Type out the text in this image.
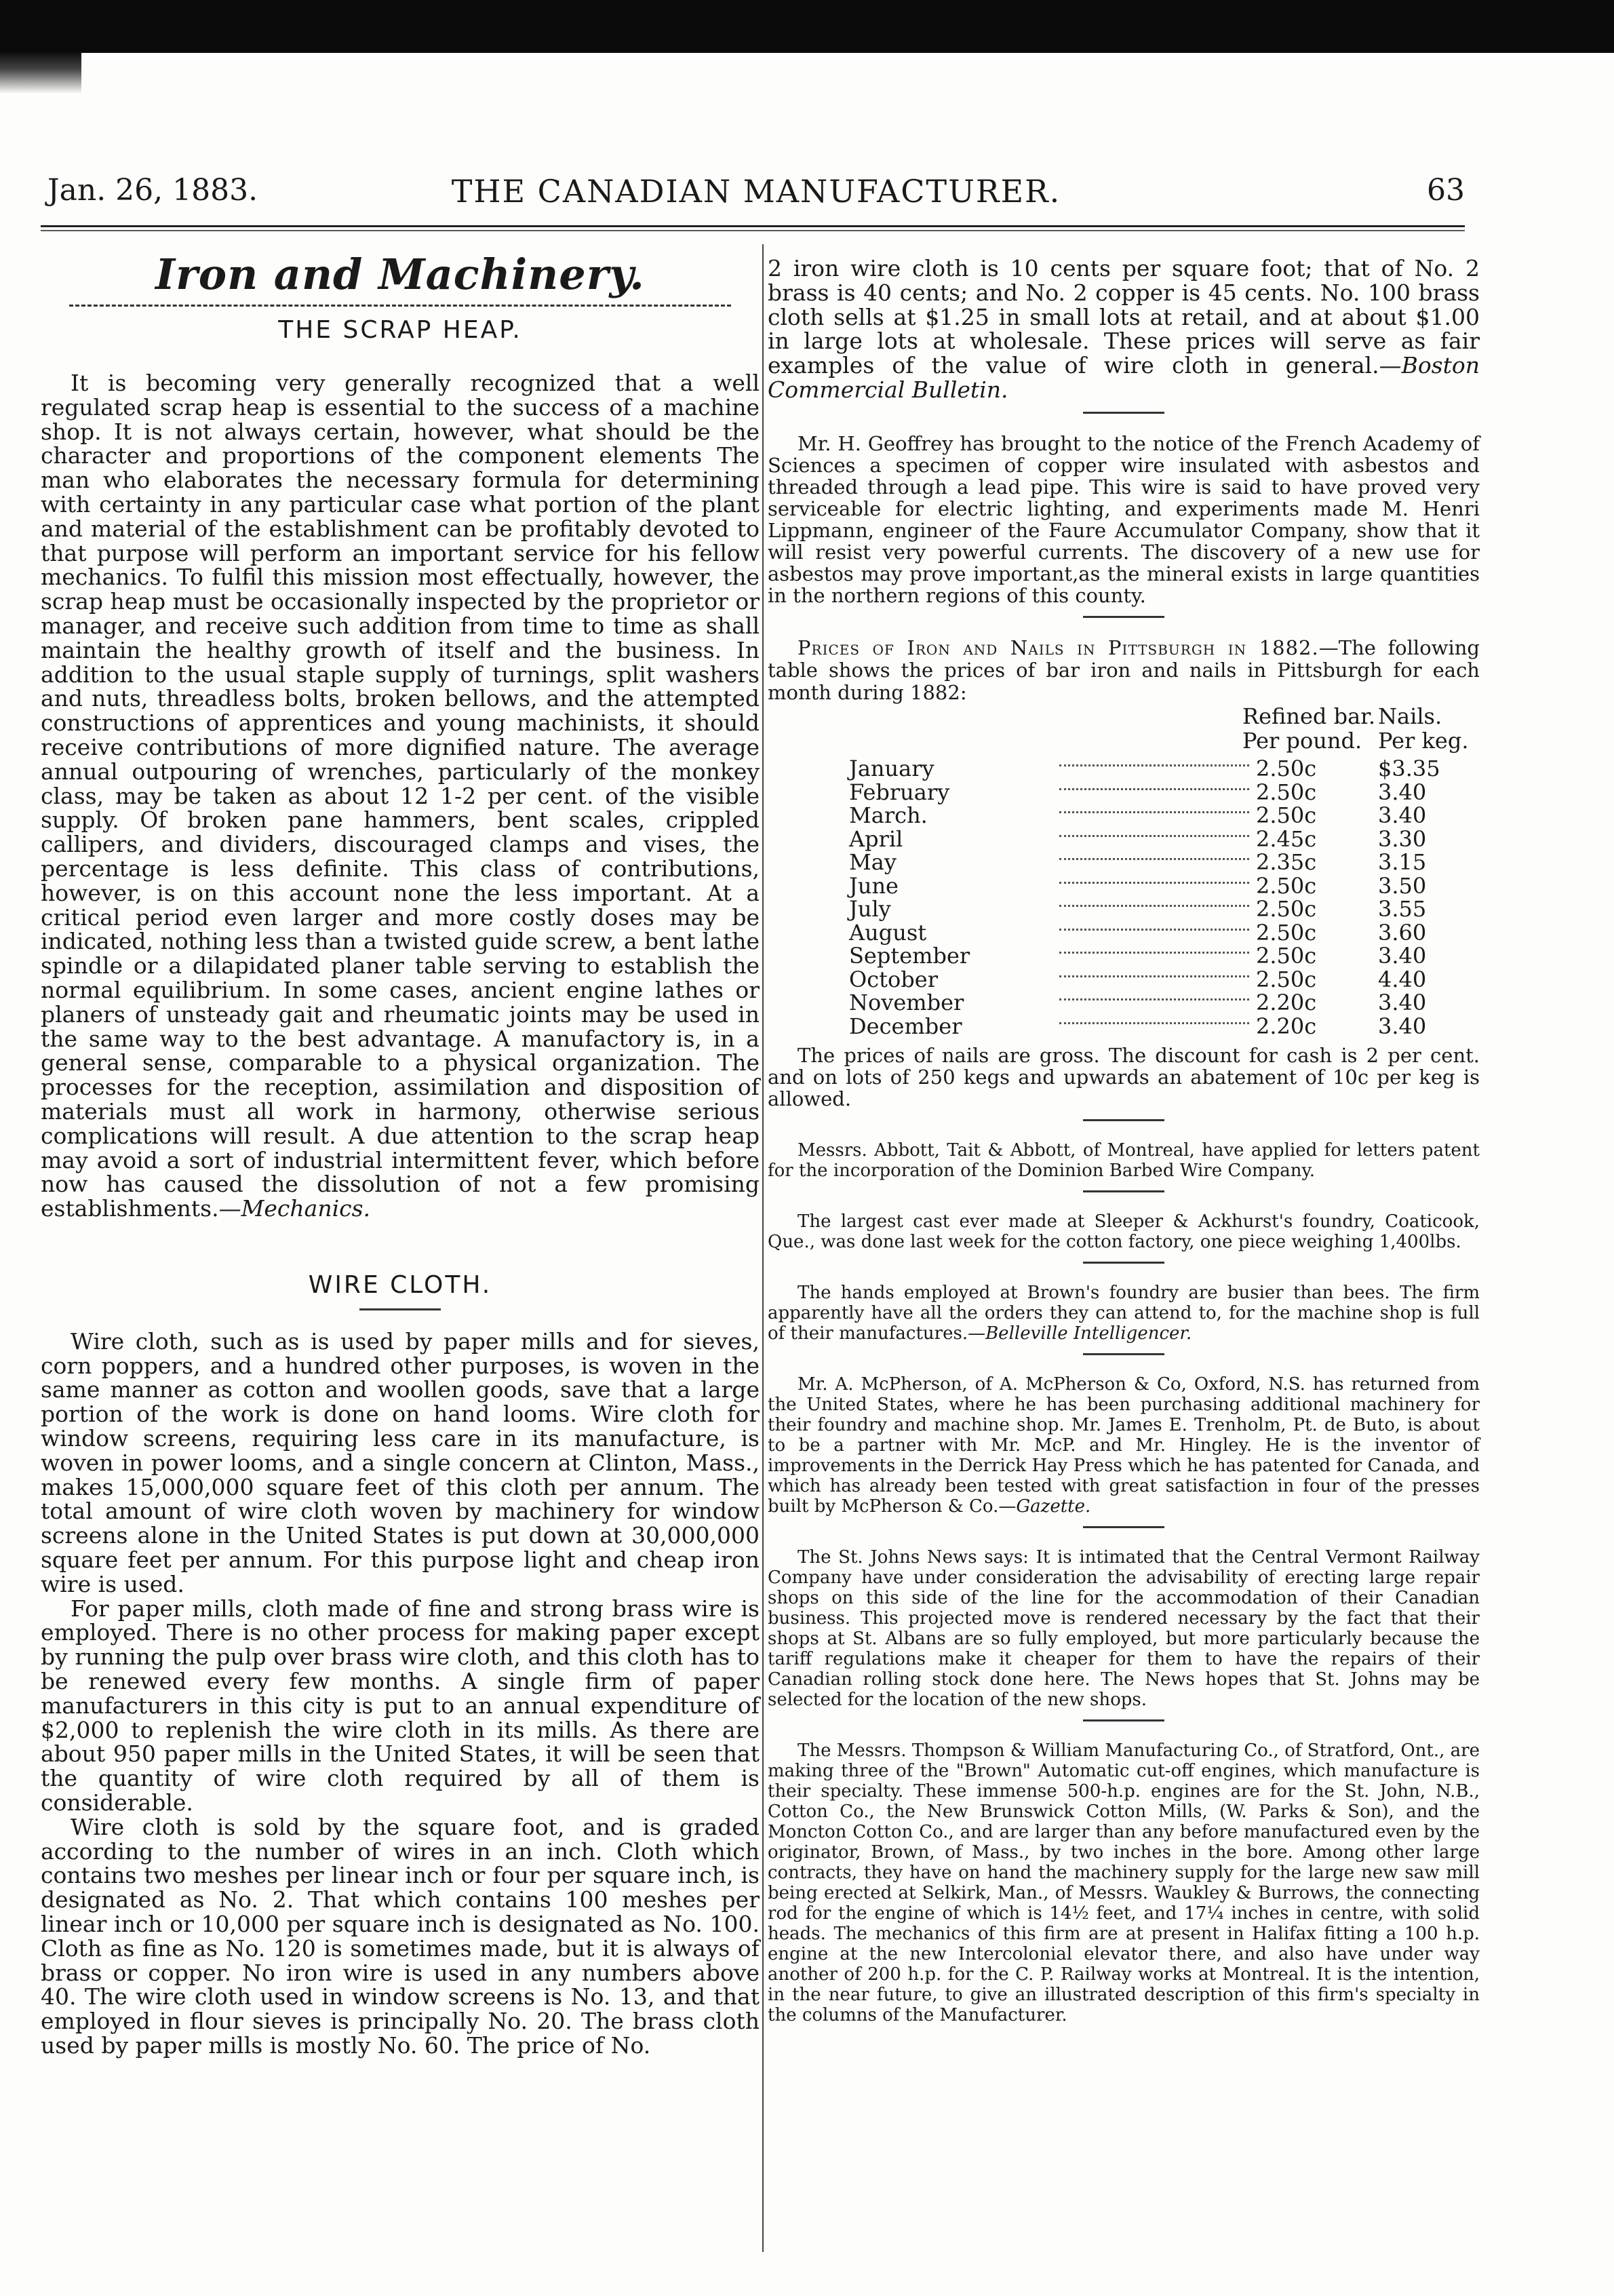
Jan. 26, 1883.	THE CANADIAN MANUFACTURER.	63
Iron and Machinery.
THE SCRAP HEAP.

It is becoming very generally recognized that a well regulated scrap heap is essential to the success of a machine shop. It is not always certain, however, what should be the character and proportions of the component elements The man who elaborates the necessary formula for determining with certainty in any particular case what portion of the plant and material of the establishment can be profitably devoted to that purpose will perform an important service for his fellow mechanics. To fulfil this mission most effectually, however, the scrap heap must be occasionally inspected by the proprietor or manager, and receive such addition from time to time as shall maintain the healthy growth of itself and the business. In addition to the usual staple supply of turnings, split washers and nuts, threadless bolts, broken bellows, and the attempted constructions of apprentices and young machinists, it should receive contributions of more dignified nature. The average annual outpouring of wrenches, particularly of the monkey class, may be taken as about 12 1-2 per cent. of the visible supply. Of broken pane hammers, bent scales, crippled callipers, and dividers, discouraged clamps and vises, the percentage is less definite. This class of contributions, however, is on this account none the less important. At a critical period even larger and more costly doses may be indicated, nothing less than a twisted guide screw, a bent lathe spindle or a dilapidated planer table serving to establish the normal equilibrium. In some cases, ancient engine lathes or planers of unsteady gait and rheumatic joints may be used in the same way to the best advantage. A manufactory is, in a general sense, comparable to a physical organization. The processes for the reception, assimilation and disposition of materials must all work in harmony, otherwise serious complications will result. A due attention to the scrap heap may avoid a sort of industrial intermittent fever, which before now has caused the dissolution of not a few promising establishments.—Mechanics.

WIRE CLOTH.

Wire cloth, such as is used by paper mills and for sieves, corn poppers, and a hundred other purposes, is woven in the same manner as cotton and woollen goods, save that a large portion of the work is done on hand looms. Wire cloth for window screens, requiring less care in its manufacture, is woven in power looms, and a single concern at Clinton, Mass., makes 15,000,000 square feet of this cloth per annum. The total amount of wire cloth woven by machinery for window screens alone in the United States is put down at 30,000,000 square feet per annum. For this purpose light and cheap iron wire is used.

For paper mills, cloth made of fine and strong brass wire is employed. There is no other process for making paper except by running the pulp over brass wire cloth, and this cloth has to be renewed every few months. A single firm of paper manufacturers in this city is put to an annual expenditure of $2,000 to replenish the wire cloth in its mills. As there are about 950 paper mills in the United States, it will be seen that the quantity of wire cloth required by all of them is considerable.

Wire cloth is sold by the square foot, and is graded according to the number of wires in an inch. Cloth which contains two meshes per linear inch or four per square inch, is designated as No. 2. That which contains 100 meshes per linear inch or 10,000 per square inch is designated as No. 100. Cloth as fine as No. 120 is sometimes made, but it is always of brass or copper. No iron wire is used in any numbers above 40. The wire cloth used in window screens is No. 13, and that employed in flour sieves is principally No. 20. The brass cloth used by paper mills is mostly No. 60. The price of No.

2 iron wire cloth is 10 cents per square foot; that of No. 2 brass is 40 cents; and No. 2 copper is 45 cents. No. 100 brass cloth sells at $1.25 in small lots at retail, and at about $1.00 in large lots at wholesale. These prices will serve as fair examples of the value of wire cloth in general.—Boston Commercial Bulletin.

Mr. H. Geoffrey has brought to the notice of the French Academy of Sciences a specimen of copper wire insulated with asbestos and threaded through a lead pipe. This wire is said to have proved very serviceable for electric lighting, and experiments made M. Henri Lippmann, engineer of the Faure Accumulator Company, show that it will resist very powerful currents. The discovery of a new use for asbestos may prove important,as the mineral exists in large quantities in the northern regions of this county.

Prices of Iron and Nails in Pittsburgh in 1882.—The following table shows the prices of bar iron and nails in Pittsburgh for each month during 1882:

Refined bar. Nails.
Per pound. Per keg.
January	2.50c	$3.35
February	2.50c	3.40
March.	2.50c	3.40
April	2.45c	3.30
May	2.35c	3.15
June	2.50c	3.50
July	2.50c	3.55
August	2.50c	3.60
September	2.50c	3.40
October	2.50c	4.40
November	2.20c	3.40
December	2.20c	3.40

The prices of nails are gross. The discount for cash is 2 per cent. and on lots of 250 kegs and upwards an abatement of 10c per keg is allowed.

Messrs. Abbott, Tait & Abbott, of Montreal, have applied for letters patent for the incorporation of the Dominion Barbed Wire Company.

The largest cast ever made at Sleeper & Ackhurst's foundry, Coaticook, Que., was done last week for the cotton factory, one piece weighing 1,400lbs.

The hands employed at Brown's foundry are busier than bees. The firm apparently have all the orders they can attend to, for the machine shop is full of their manufactures.—Belleville Intelligencer.

Mr. A. McPherson, of A. McPherson & Co, Oxford, N.S. has returned from the United States, where he has been purchasing additional machinery for their foundry and machine shop. Mr. James E. Trenholm, Pt. de Buto, is about to be a partner with Mr. McP. and Mr. Hingley. He is the inventor of improvements in the Derrick Hay Press which he has patented for Canada, and which has already been tested with great satisfaction in four of the presses built by McPherson & Co.—Gazette.

The St. Johns News says: It is intimated that the Central Vermont Railway Company have under consideration the advisability of erecting large repair shops on this side of the line for the accommodation of their Canadian business. This projected move is rendered necessary by the fact that their shops at St. Albans are so fully employed, but more particularly because the tariff regulations make it cheaper for them to have the repairs of their Canadian rolling stock done here. The News hopes that St. Johns may be selected for the location of the new shops.

The Messrs. Thompson & William Manufacturing Co., of Stratford, Ont., are making three of the "Brown" Automatic cut-off engines, which manufacture is their specialty. These immense 500-h.p. engines are for the St. John, N.B., Cotton Co., the New Brunswick Cotton Mills, (W. Parks & Son), and the Moncton Cotton Co., and are larger than any before manufactured even by the originator, Brown, of Mass., by two inches in the bore. Among other large contracts, they have on hand the machinery supply for the large new saw mill being erected at Selkirk, Man., of Messrs. Waukley & Burrows, the connecting rod for the engine of which is 14½ feet, and 17¼ inches in centre, with solid heads. The mechanics of this firm are at present in Halifax fitting a 100 h.p. engine at the new Intercolonial elevator there, and also have under way another of 200 h.p. for the C. P. Railway works at Montreal. It is the intention, in the near future, to give an illustrated description of this firm's specialty in the columns of the Manufacturer.
